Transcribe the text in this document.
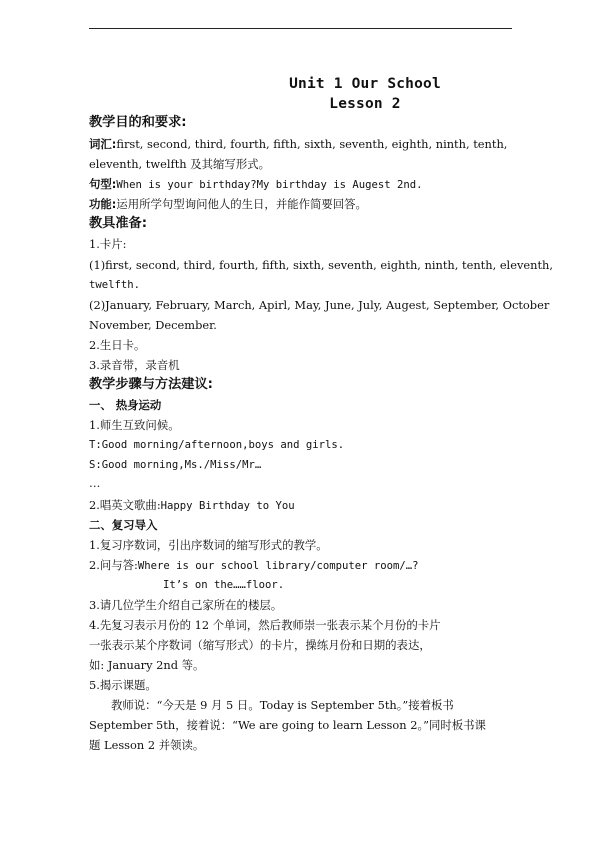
Unit 1 Our School
Lesson 2
教学目的和要求:
词汇:first, second, third, fourth, fifth, sixth, seventh, eighth, ninth, tenth,
eleventh, twelfth 及其缩写形式。
句型:When is your birthday?My birthday is Augest 2nd.
功能:运用所学句型询问他人的生日，并能作简要回答。
教具准备:
1.卡片:
(1)first, second, third, fourth, fifth, sixth, seventh, eighth, ninth, tenth, eleventh,
twelfth.
(2)January, February, March, Apirl, May, June, July, Augest, September, October
November, December.
2.生日卡。
3.录音带，录音机
教学步骤与方法建议:
一、 热身运动
1.师生互致问候。
T:Good morning/afternoon,boys and girls.
S:Good morning,Ms./Miss/Mr…
…
2.唱英文歌曲:Happy Birthday to You
二、复习导入
1.复习序数词，引出序数词的缩写形式的教学。
2.问与答:Where is our school library/computer room/…?
It’s on the……floor.
3.请几位学生介绍自己家所在的楼层。
4.先复习表示月份的 12 个单词，然后教师崇一张表示某个月份的卡片
一张表示某个序数词（缩写形式）的卡片，操练月份和日期的表达，
如: January 2nd 等。
5.揭示课题。
教师说：“今天是 9 月 5 日。Today is September 5th。”接着板书
September 5th，接着说：“We are going to learn Lesson 2。”同时板书课
题 Lesson 2 并领读。
